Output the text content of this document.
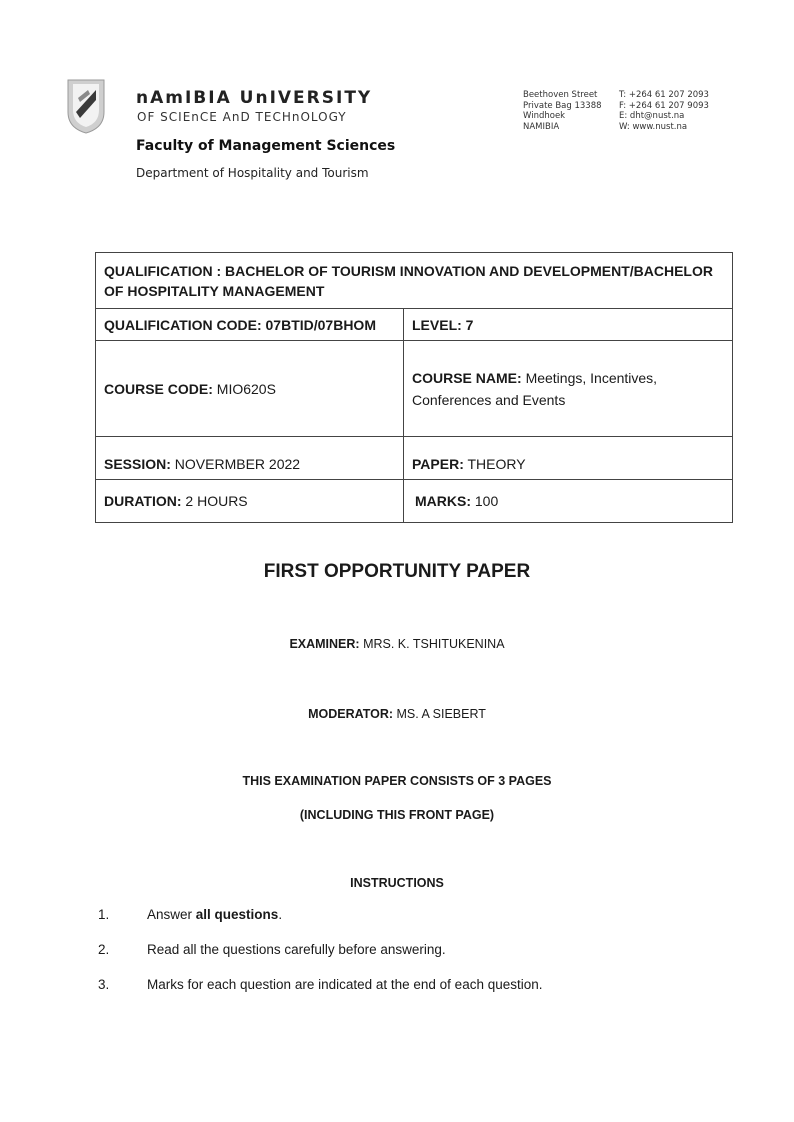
nAmIBIA UnIVERSITY
OF SCIEnCE AnD TECHnOLOGY
Faculty of Management Sciences
Department of Hospitality and Tourism
Beethoven Street
Private Bag 13388
Windhoek
NAMIBIA
T: +264 61 207 2093
F: +264 61 207 9093
E: dht@nust.na
W: www.nust.na
QUALIFICATION : BACHELOR OF TOURISM INNOVATION AND DEVELOPMENT/BACHELOR OF HOSPITALITY MANAGEMENT	
QUALIFICATION CODE: 07BTID/07BHOM	LEVEL: 7
COURSE CODE: MIO620S	COURSE NAME: Meetings, Incentives, Conferences and Events
SESSION: NOVERMBER 2022	PAPER: THEORY
DURATION: 2 HOURS	MARKS: 100
FIRST OPPORTUNITY PAPER
EXAMINER: MRS. K. TSHITUKENINA
MODERATOR: MS. A SIEBERT
THIS EXAMINATION PAPER CONSISTS OF 3 PAGES
(INCLUDING THIS FRONT PAGE)
INSTRUCTIONS
1.	Answer all questions.
2.	Read all the questions carefully before answering.
3.	Marks for each question are indicated at the end of each question.
